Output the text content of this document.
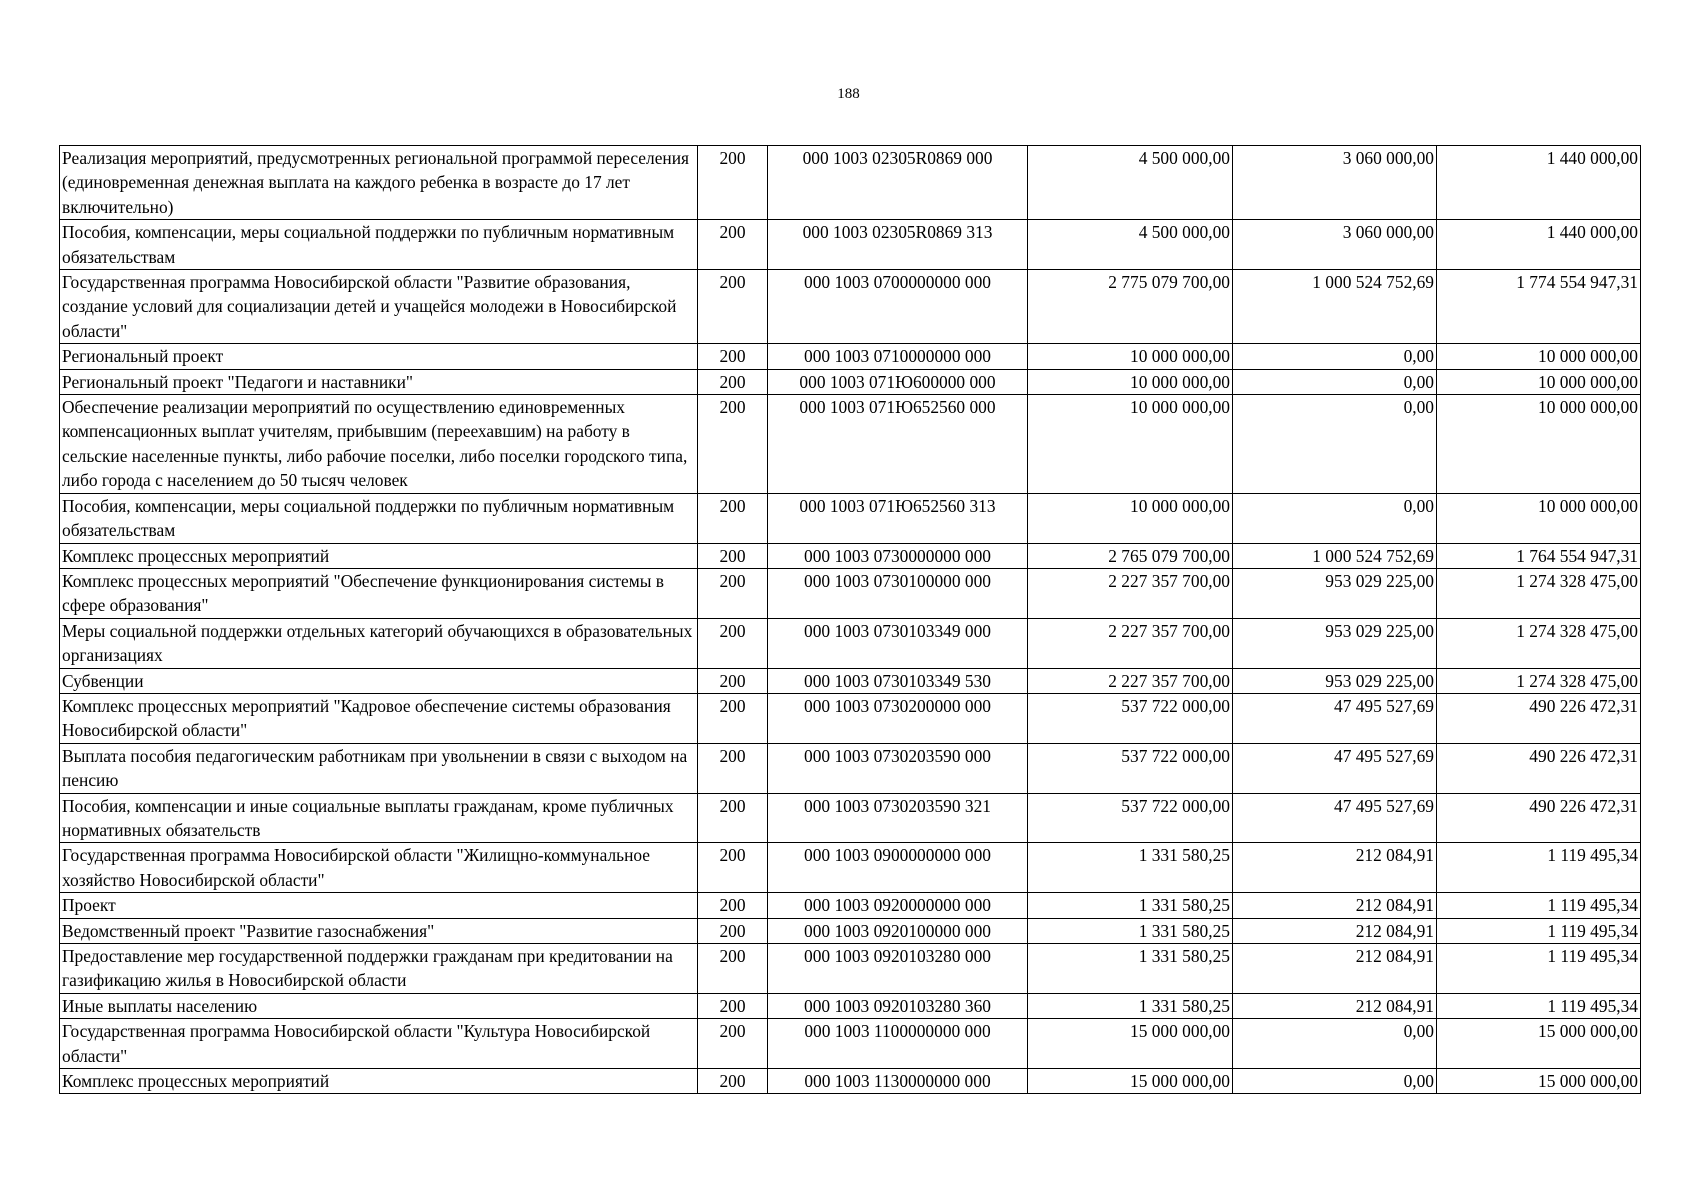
188
Реализация мероприятий, предусмотренных региональной программой переселения (единовременная денежная выплата на каждого ребенка в возрасте до 17 лет включительно)	200	000 1003 02305R0869 000	4 500 000,00	3 060 000,00	1 440 000,00
Пособия, компенсации, меры социальной поддержки по публичным нормативным обязательствам	200	000 1003 02305R0869 313	4 500 000,00	3 060 000,00	1 440 000,00
Государственная программа Новосибирской области "Развитие образования, создание условий для социализации детей и учащейся молодежи в Новосибирской области"	200	000 1003 0700000000 000	2 775 079 700,00	1 000 524 752,69	1 774 554 947,31
Региональный проект	200	000 1003 0710000000 000	10 000 000,00	0,00	10 000 000,00
Региональный проект "Педагоги и наставники"	200	000 1003 071Ю600000 000	10 000 000,00	0,00	10 000 000,00
Обеспечение реализации мероприятий по осуществлению единовременных компенсационных выплат учителям, прибывшим (переехавшим) на работу в сельские населенные пункты, либо рабочие поселки, либо поселки городского типа, либо города с населением до 50 тысяч человек	200	000 1003 071Ю652560 000	10 000 000,00	0,00	10 000 000,00
Пособия, компенсации, меры социальной поддержки по публичным нормативным обязательствам	200	000 1003 071Ю652560 313	10 000 000,00	0,00	10 000 000,00
Комплекс процессных мероприятий	200	000 1003 0730000000 000	2 765 079 700,00	1 000 524 752,69	1 764 554 947,31
Комплекс процессных мероприятий "Обеспечение функционирования системы в сфере образования"	200	000 1003 0730100000 000	2 227 357 700,00	953 029 225,00	1 274 328 475,00
Меры социальной поддержки отдельных категорий обучающихся в образовательных организациях	200	000 1003 0730103349 000	2 227 357 700,00	953 029 225,00	1 274 328 475,00
Субвенции	200	000 1003 0730103349 530	2 227 357 700,00	953 029 225,00	1 274 328 475,00
Комплекс процессных мероприятий "Кадровое обеспечение системы образования Новосибирской области"	200	000 1003 0730200000 000	537 722 000,00	47 495 527,69	490 226 472,31
Выплата пособия педагогическим работникам при увольнении в связи с выходом на пенсию	200	000 1003 0730203590 000	537 722 000,00	47 495 527,69	490 226 472,31
Пособия, компенсации и иные социальные выплаты гражданам, кроме публичных нормативных обязательств	200	000 1003 0730203590 321	537 722 000,00	47 495 527,69	490 226 472,31
Государственная программа Новосибирской области "Жилищно-коммунальное хозяйство Новосибирской области"	200	000 1003 0900000000 000	1 331 580,25	212 084,91	1 119 495,34
Проект	200	000 1003 0920000000 000	1 331 580,25	212 084,91	1 119 495,34
Ведомственный проект "Развитие газоснабжения"	200	000 1003 0920100000 000	1 331 580,25	212 084,91	1 119 495,34
Предоставление мер государственной поддержки гражданам при кредитовании на газификацию жилья в Новосибирской области	200	000 1003 0920103280 000	1 331 580,25	212 084,91	1 119 495,34
Иные выплаты населению	200	000 1003 0920103280 360	1 331 580,25	212 084,91	1 119 495,34
Государственная программа Новосибирской области "Культура Новосибирской области"	200	000 1003 1100000000 000	15 000 000,00	0,00	15 000 000,00
Комплекс процессных мероприятий	200	000 1003 1130000000 000	15 000 000,00	0,00	15 000 000,00
